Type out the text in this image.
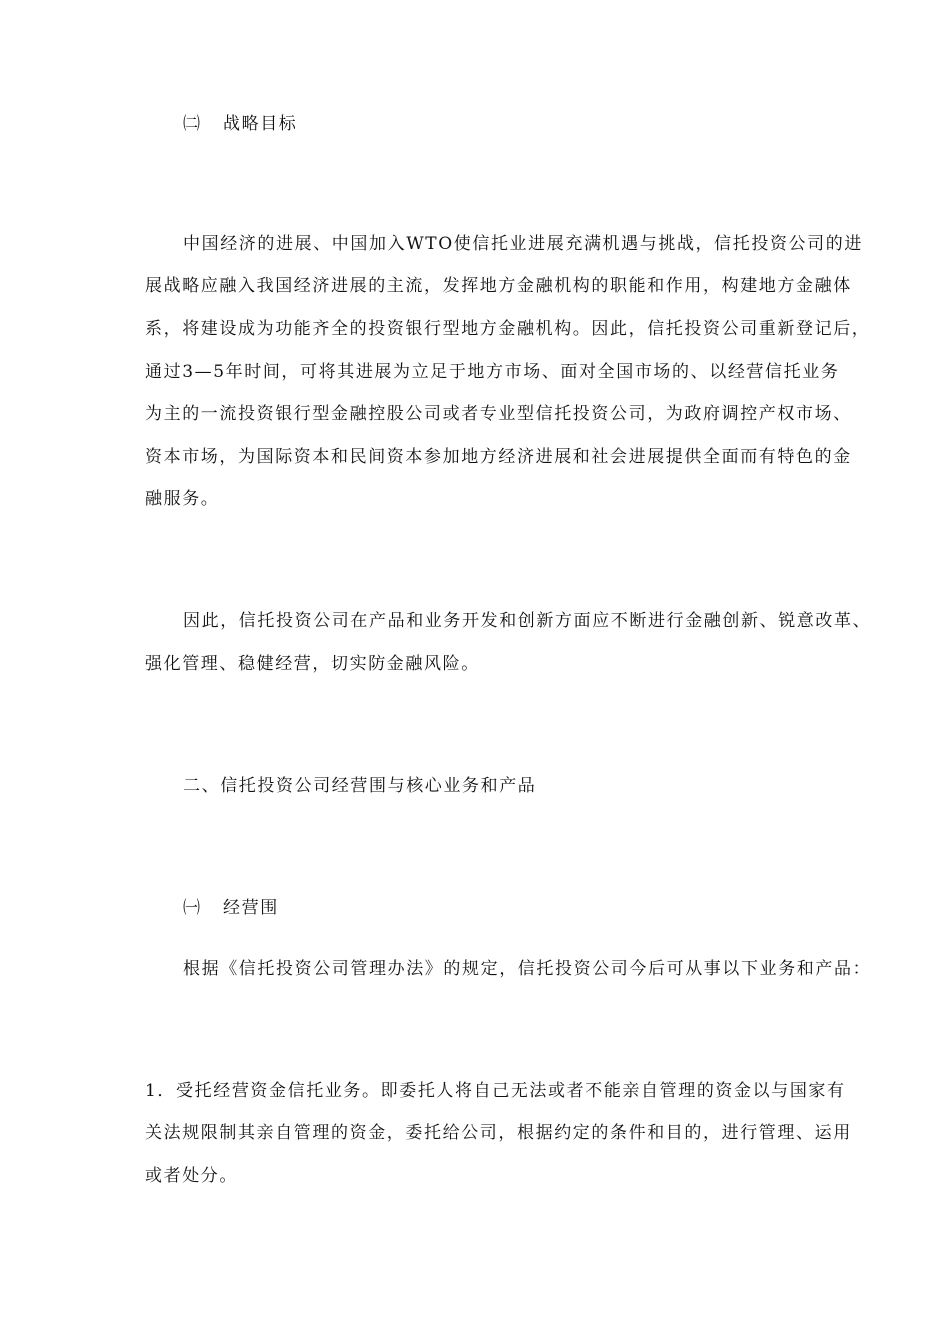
㈡ 战略目标
中国经济的进展、中国加入WTO使信托业进展充满机遇与挑战，信托投资公司的进
展战略应融入我国经济进展的主流，发挥地方金融机构的职能和作用，构建地方金融体
系，将建设成为功能齐全的投资银行型地方金融机构。因此，信托投资公司重新登记后，
通过3—5年时间，可将其进展为立足于地方市场、面对全国市场的、以经营信托业务
为主的一流投资银行型金融控股公司或者专业型信托投资公司，为政府调控产权市场、
资本市场，为国际资本和民间资本参加地方经济进展和社会进展提供全面而有特色的金
融服务。
因此，信托投资公司在产品和业务开发和创新方面应不断进行金融创新、锐意改革、
强化管理、稳健经营，切实防金融风险。
二、信托投资公司经营围与核心业务和产品
㈠ 经营围
根据《信托投资公司管理办法》的规定，信托投资公司今后可从事以下业务和产品：
1．受托经营资金信托业务。即委托人将自己无法或者不能亲自管理的资金以与国家有
关法规限制其亲自管理的资金，委托给公司，根据约定的条件和目的，进行管理、运用
或者处分。
